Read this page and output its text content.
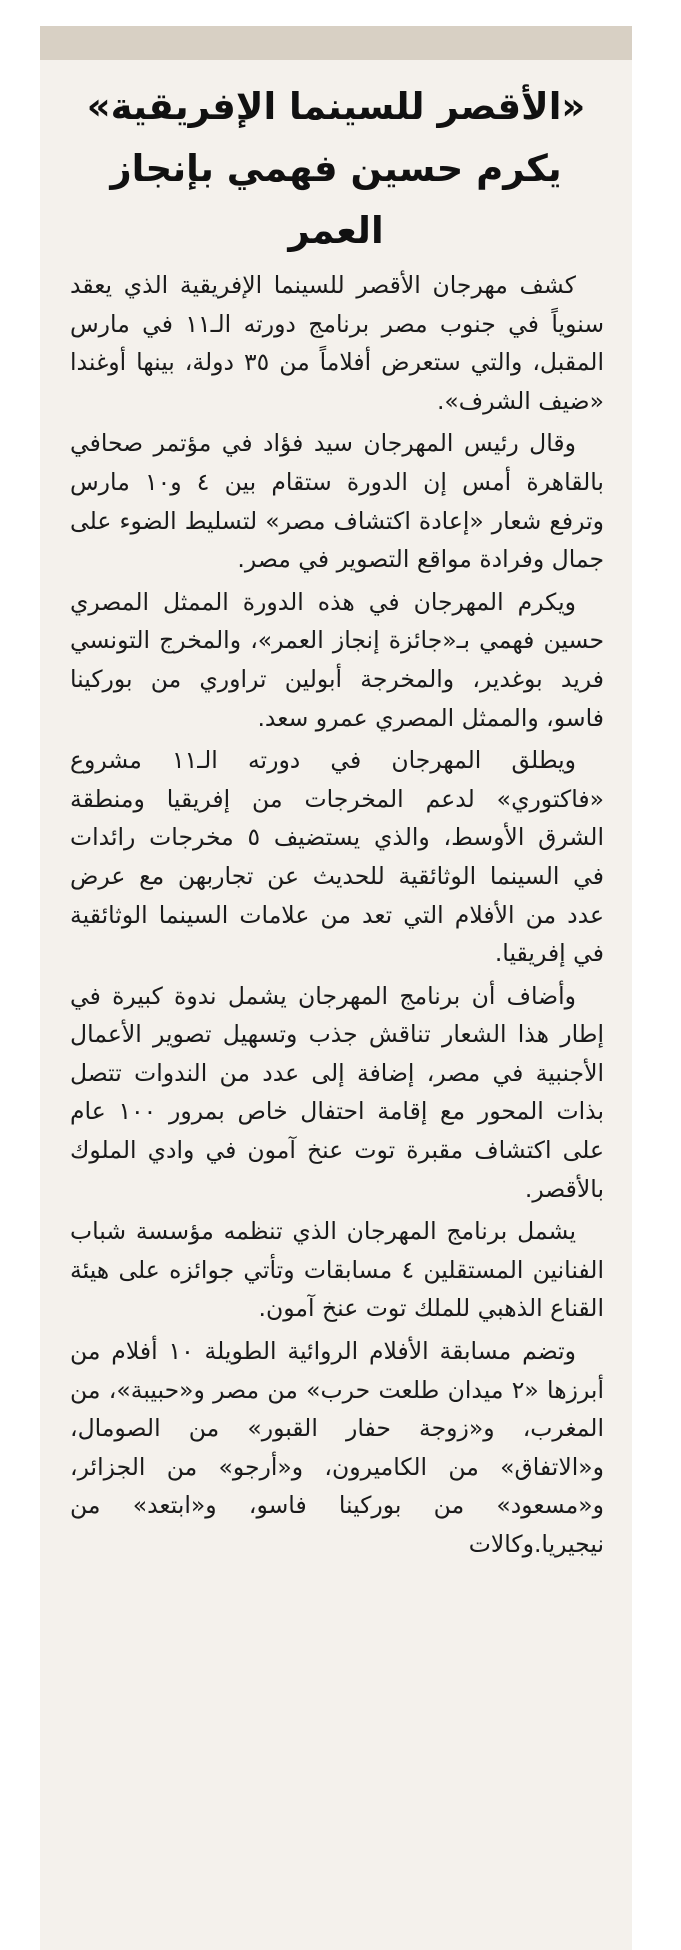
«الأقصر للسينما الإفريقية» يكرم حسين فهمي بإنجاز العمر

كشف مهرجان الأقصر للسينما الإفريقية الذي يعقد سنوياً في جنوب مصر برنامج دورته الـ١١ في مارس المقبل، والتي ستعرض أفلاماً من ٣٥ دولة، بينها أوغندا «ضيف الشرف».

وقال رئيس المهرجان سيد فؤاد في مؤتمر صحافي بالقاهرة أمس إن الدورة ستقام بين ٤ و١٠ مارس وترفع شعار «إعادة اكتشاف مصر» لتسليط الضوء على جمال وفرادة مواقع التصوير في مصر.

ويكرم المهرجان في هذه الدورة الممثل المصري حسين فهمي بـ«جائزة إنجاز العمر»، والمخرج التونسي فريد بوغدير، والمخرجة أبولين تراوري من بوركينا فاسو، والممثل المصري عمرو سعد.

ويطلق المهرجان في دورته الـ١١ مشروع «فاكتوري» لدعم المخرجات من إفريقيا ومنطقة الشرق الأوسط، والذي يستضيف ٥ مخرجات رائدات في السينما الوثائقية للحديث عن تجاربهن مع عرض عدد من الأفلام التي تعد من علامات السينما الوثائقية في إفريقيا.

وأضاف أن برنامج المهرجان يشمل ندوة كبيرة في إطار هذا الشعار تناقش جذب وتسهيل تصوير الأعمال الأجنبية في مصر، إضافة إلى عدد من الندوات تتصل بذات المحور مع إقامة احتفال خاص بمرور ١٠٠ عام على اكتشاف مقبرة توت عنخ آمون في وادي الملوك بالأقصر.

يشمل برنامج المهرجان الذي تنظمه مؤسسة شباب الفنانين المستقلين ٤ مسابقات وتأتي جوائزه على هيئة القناع الذهبي للملك توت عنخ آمون.

وتضم مسابقة الأفلام الروائية الطويلة ١٠ أفلام من أبرزها «٢ ميدان طلعت حرب» من مصر و«حبيبة»، من المغرب، و«زوجة حفار القبور» من الصومال، و«الاتفاق» من الكاميرون، و«أرجو» من الجزائر، و«مسعود» من بوركينا فاسو، و«ابتعد» من نيجيريا.وكالات
